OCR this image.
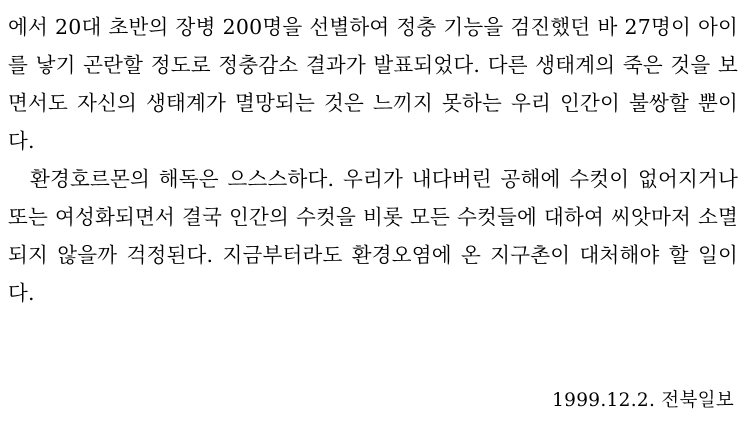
에서 20대 초반의 장병 200명을 선별하여 정충 기능을 검진했던 바 27명이 아이를 낳기 곤란할 정도로 정충감소 결과가 발표되었다. 다른 생태계의 죽은 것을 보면서도 자신의 생태계가 멸망되는 것은 느끼지 못하는 우리 인간이 불쌍할 뿐이다.

환경호르몬의 해독은 으스스하다. 우리가 내다버린 공해에 수컷이 없어지거나 또는 여성화되면서 결국 인간의 수컷을 비롯 모든 수컷들에 대하여 씨앗마저 소멸되지 않을까 걱정된다. 지금부터라도 환경오염에 온 지구촌이 대처해야 할 일이다.

1999.12.2. 전북일보
